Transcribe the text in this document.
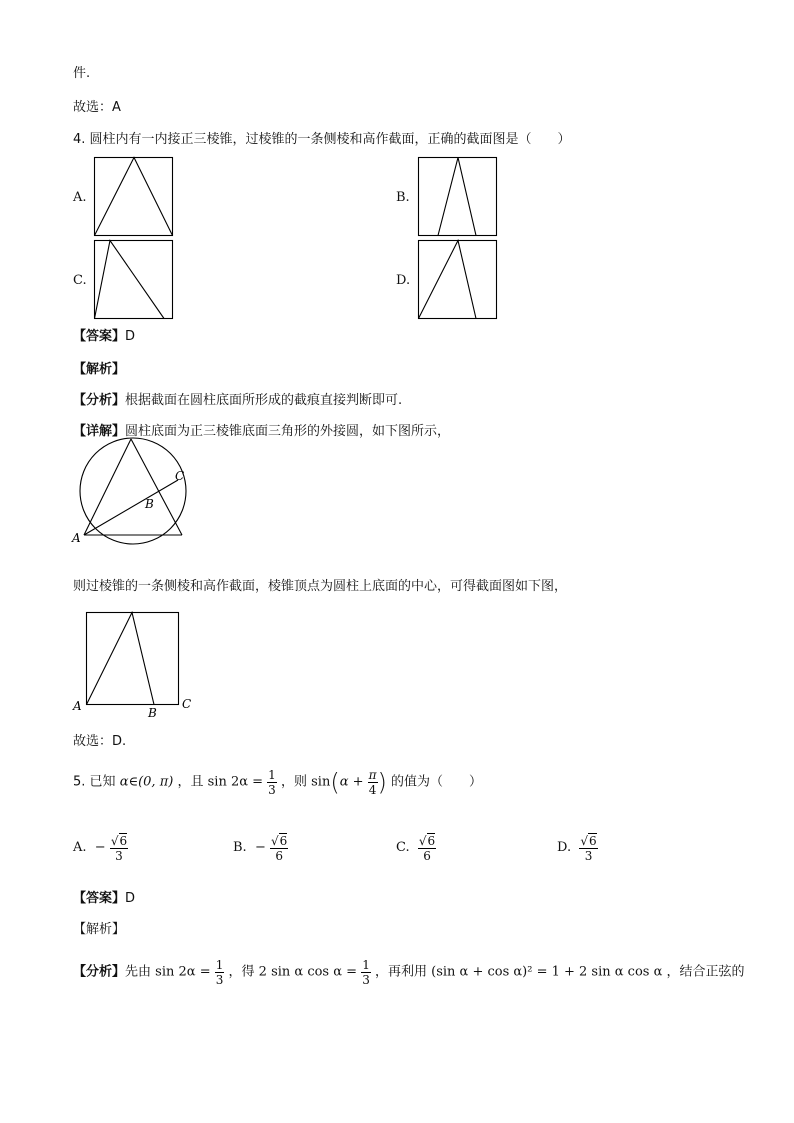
件.
故选：A
4. 圆柱内有一内接正三棱锥，过棱锥的一条侧棱和高作截面，正确的截面图是（　　）
A.	B.
C.	D.
【答案】D
【解析】
【分析】根据截面在圆柱底面所形成的截痕直接判断即可.
【详解】圆柱底面为正三棱锥底面三角形的外接圆，如下图所示，
C
B
A
则过棱锥的一条侧棱和高作截面，棱锥顶点为圆柱上底面的中心，可得截面图如下图，
A	B
C
故选：D.
5. 已知 α∈(0, π) ，且 $\sin 2\alpha = \frac{1}{3}$ ，则 $\sin(\alpha + \frac{\pi}{4}$ ) 的值为（　　）
A. − $\frac{√6}{3}$	B. − $\frac{√6}{6}$	C. $\frac{√6}{6}$	D. $\frac{√6}{3}$
【答案】D
【解析】
【分析】先由 $\sin 2\alpha = \frac{1}{3}$ ，得 2 sin α $\cos \alpha = \frac{1}{3}$ ，再利用 (sin α + cos α)² = 1 + 2 sin α cos α ，结合正弦的
